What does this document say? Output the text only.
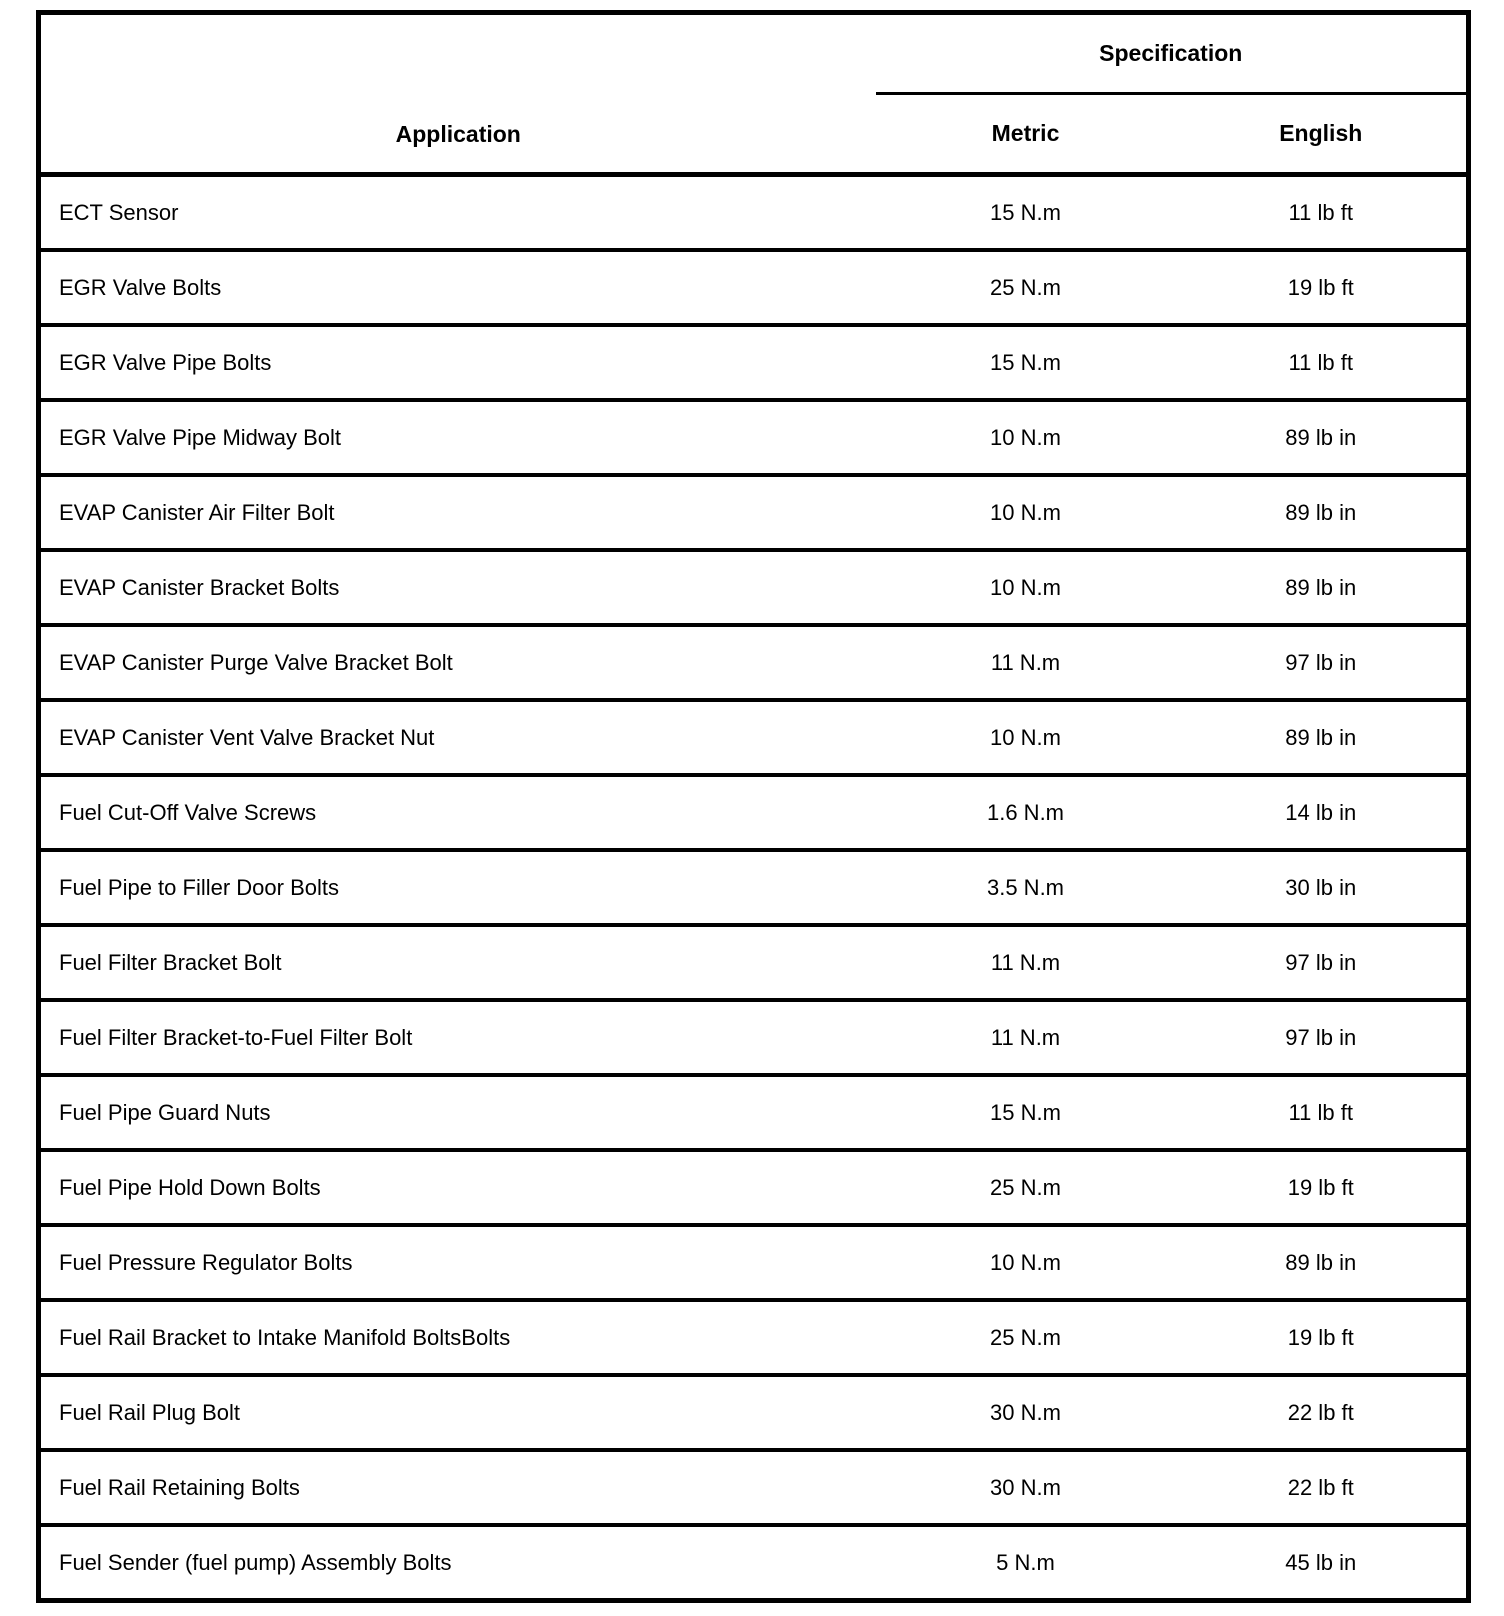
Application	Specification	
	Metric	English
ECT Sensor	15 N.m	11 lb ft
EGR Valve Bolts	25 N.m	19 lb ft
EGR Valve Pipe Bolts	15 N.m	11 lb ft
EGR Valve Pipe Midway Bolt	10 N.m	89 lb in
EVAP Canister Air Filter Bolt	10 N.m	89 lb in
EVAP Canister Bracket Bolts	10 N.m	89 lb in
EVAP Canister Purge Valve Bracket Bolt	11 N.m	97 lb in
EVAP Canister Vent Valve Bracket Nut	10 N.m	89 lb in
Fuel Cut-Off Valve Screws	1.6 N.m	14 lb in
Fuel Pipe to Filler Door Bolts	3.5 N.m	30 lb in
Fuel Filter Bracket Bolt	11 N.m	97 lb in
Fuel Filter Bracket-to-Fuel Filter Bolt	11 N.m	97 lb in
Fuel Pipe Guard Nuts	15 N.m	11 lb ft
Fuel Pipe Hold Down Bolts	25 N.m	19 lb ft
Fuel Pressure Regulator Bolts	10 N.m	89 lb in
Fuel Rail Bracket to Intake Manifold BoltsBolts	25 N.m	19 lb ft
Fuel Rail Plug Bolt	30 N.m	22 lb ft
Fuel Rail Retaining Bolts	30 N.m	22 lb ft
Fuel Sender (fuel pump) Assembly Bolts	5 N.m	45 lb in
